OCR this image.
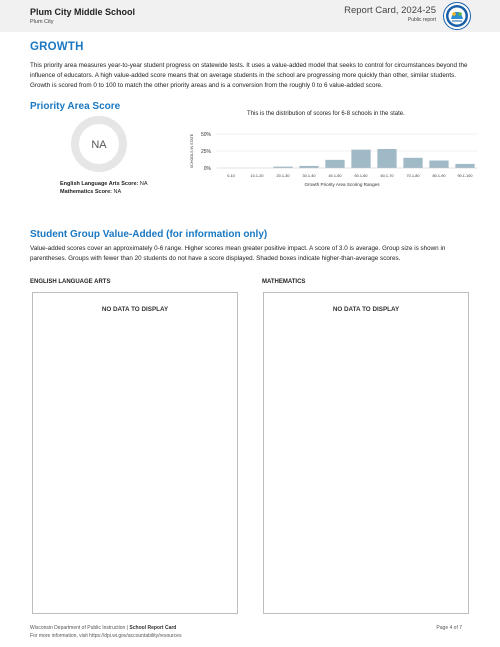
Plum City Middle School
Plum City
Report Card, 2024-25
Public report
GROWTH
This priority area measures year-to-year student progress on statewide tests. It uses a value-added model that seeks to control for circumstances beyond the influence of educators. A high value-added score means that on average students in the school are progressing more quickly than other, similar students. Growth is scored from 0 to 100 to match the other priority areas and is a conversion from the roughly 0 to 6 value-added score.
Priority Area Score
NA
English Language Arts Score: NA
Mathematics Score: NA
This is the distribution of scores for 6-8 schools in the state.
SCHOOLS IN STATE 50%
25%
0%
0-10	10.1-20	20.1-30	30.1-40	40.1-50	50.1-60	60.1-70	70.1-80	80.1-90	90.1-100
Growth Priority Area Scoring Ranges
Student Group Value-Added (for information only)
Value-added scores cover an approximately 0-6 range. Higher scores mean greater positive impact. A score of 3.0 is average. Group size is shown in parentheses. Groups with fewer than 20 students do not have a score displayed. Shaded boxes indicate higher-than-average scores.
ENGLISH LANGUAGE ARTS	MATHEMATICS
NO DATA TO DISPLAY	NO DATA TO DISPLAY
Wisconsin Department of Public Instruction | School Report Card
For more information, visit https://dpi.wi.gov/accountability/resources
Page 4 of 7
